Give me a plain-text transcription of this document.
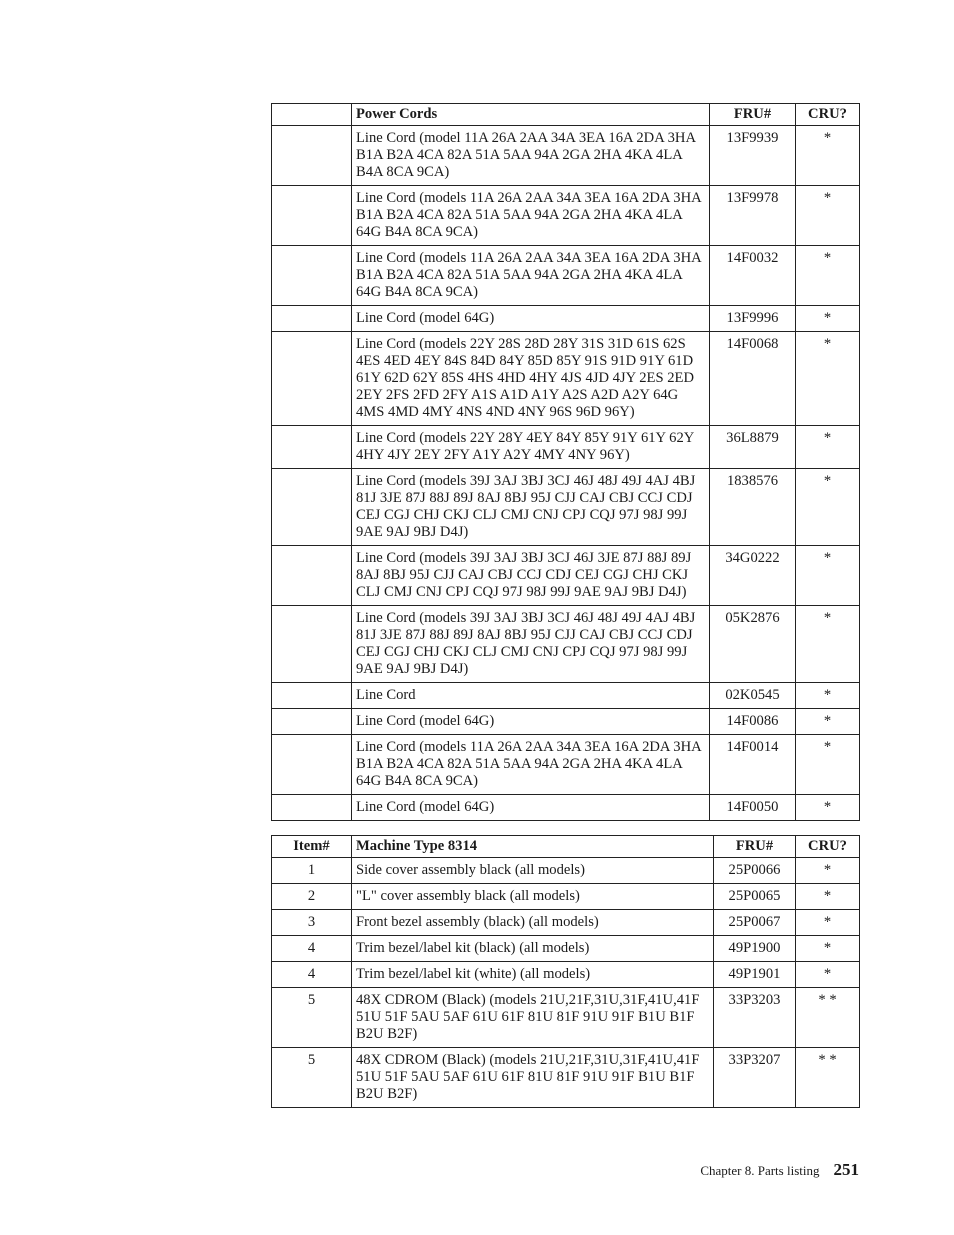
	Power Cords	FRU#	CRU?
	Line Cord (model 11A 26A 2AA 34A 3EA 16A 2DA 3HA B1A B2A 4CA 82A 51A 5AA 94A 2GA 2HA 4KA 4LA B4A 8CA 9CA)	13F9939	*
	Line Cord (models 11A 26A 2AA 34A 3EA 16A 2DA 3HA B1A B2A 4CA 82A 51A 5AA 94A 2GA 2HA 4KA 4LA 64G B4A 8CA 9CA)	13F9978	*
	Line Cord (models 11A 26A 2AA 34A 3EA 16A 2DA 3HA B1A B2A 4CA 82A 51A 5AA 94A 2GA 2HA 4KA 4LA 64G B4A 8CA 9CA)	14F0032	*
	Line Cord (model 64G)	13F9996	*
	Line Cord (models 22Y 28S 28D 28Y 31S 31D 61S 62S 4ES 4ED 4EY 84S 84D 84Y 85D 85Y 91S 91D 91Y 61D 61Y 62D 62Y 85S 4HS 4HD 4HY 4JS 4JD 4JY 2ES 2ED 2EY 2FS 2FD 2FY A1S A1D A1Y A2S A2D A2Y 64G 4MS 4MD 4MY 4NS 4ND 4NY 96S 96D 96Y)	14F0068	*
	Line Cord (models 22Y 28Y 4EY 84Y 85Y 91Y 61Y 62Y 4HY 4JY 2EY 2FY A1Y A2Y 4MY 4NY 96Y)	36L8879	*
	Line Cord (models 39J 3AJ 3BJ 3CJ 46J 48J 49J 4AJ 4BJ 81J 3JE 87J 88J 89J 8AJ 8BJ 95J CJJ CAJ CBJ CCJ CDJ CEJ CGJ CHJ CKJ CLJ CMJ CNJ CPJ CQJ 97J 98J 99J 9AE 9AJ 9BJ D4J)	1838576	*
	Line Cord (models 39J 3AJ 3BJ 3CJ 46J 3JE 87J 88J 89J 8AJ 8BJ 95J CJJ CAJ CBJ CCJ CDJ CEJ CGJ CHJ CKJ CLJ CMJ CNJ CPJ CQJ 97J 98J 99J 9AE 9AJ 9BJ D4J)	34G0222	*
	Line Cord (models 39J 3AJ 3BJ 3CJ 46J 48J 49J 4AJ 4BJ 81J 3JE 87J 88J 89J 8AJ 8BJ 95J CJJ CAJ CBJ CCJ CDJ CEJ CGJ CHJ CKJ CLJ CMJ CNJ CPJ CQJ 97J 98J 99J 9AE 9AJ 9BJ D4J)	05K2876	*
	Line Cord	02K0545	*
	Line Cord (model 64G)	14F0086	*
	Line Cord (models 11A 26A 2AA 34A 3EA 16A 2DA 3HA B1A B2A 4CA 82A 51A 5AA 94A 2GA 2HA 4KA 4LA 64G B4A 8CA 9CA)	14F0014	*
	Line Cord (model 64G)	14F0050	*
Item#	Machine Type 8314	FRU#	CRU?
1	Side cover assembly black (all models)	25P0066	*
2	"L" cover assembly black (all models)	25P0065	*
3	Front bezel assembly (black) (all models)	25P0067	*
4	Trim bezel/label kit (black) (all models)	49P1900	*
4	Trim bezel/label kit (white) (all models)	49P1901	*
5	48X CDROM (Black) (models 21U,21F,31U,31F,41U,41F 51U 51F 5AU 5AF 61U 61F 81U 81F 91U 91F B1U B1F B2U B2F)	33P3203	* *
5	48X CDROM (Black) (models 21U,21F,31U,31F,41U,41F 51U 51F 5AU 5AF 61U 61F 81U 81F 91U 91F B1U B1F B2U B2F)	33P3207	* *
Chapter 8. Parts listing 251
